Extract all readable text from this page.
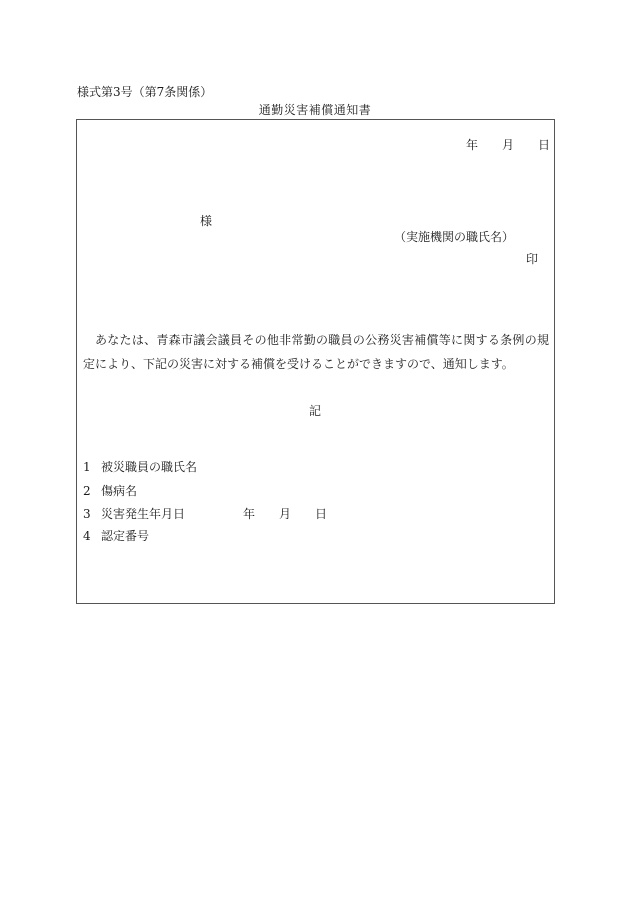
様式第3号（第7条関係）
通勤災害補償通知書
年 月 日
様
（実施機関の職氏名）
印
あなたは、青森市議会議員その他非常勤の職員の公務災害補償等に関する条例の規定により、下記の災害に対する補償を受けることができますので、通知します。
記
1 被災職員の職氏名
2 傷病名
3 災害発生年月日	年 月 日
4 認定番号
